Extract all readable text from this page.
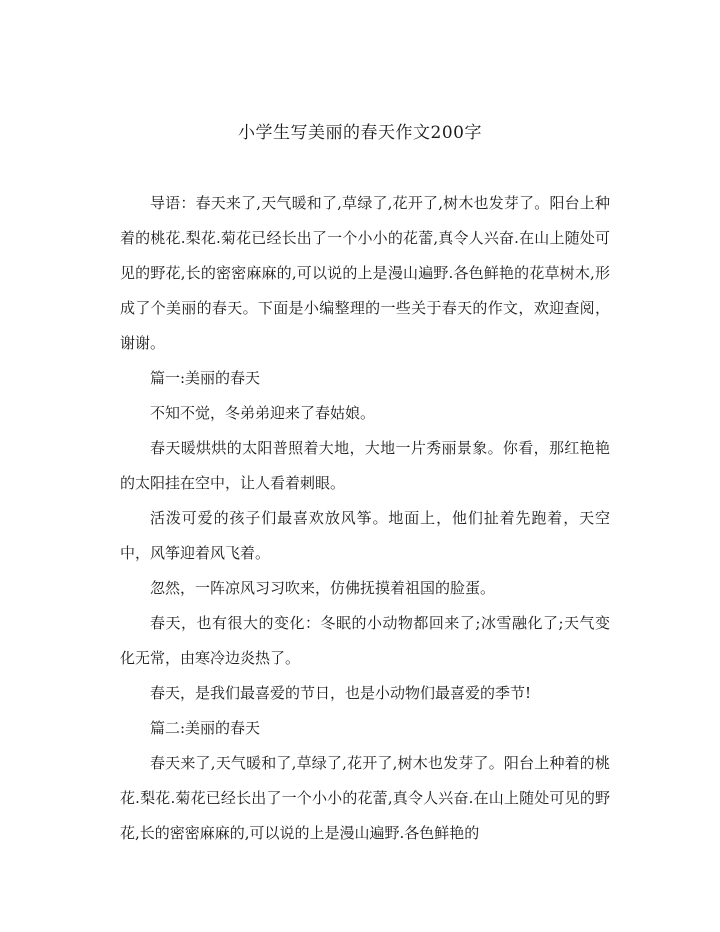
小学生写美丽的春天作文200字

导语：春天来了,天气暖和了,草绿了,花开了,树木也发芽了。阳台上种着的桃花.梨花.菊花已经长出了一个小小的花蕾,真令人兴奋.在山上随处可见的野花,长的密密麻麻的,可以说的上是漫山遍野.各色鲜艳的花草树木,形成了个美丽的春天。下面是小编整理的一些关于春天的作文，欢迎查阅，谢谢。

篇一:美丽的春天

不知不觉，冬弟弟迎来了春姑娘。

春天暖烘烘的太阳普照着大地，大地一片秀丽景象。你看，那红艳艳的太阳挂在空中，让人看着刺眼。

活泼可爱的孩子们最喜欢放风筝。地面上，他们扯着先跑着，天空中，风筝迎着风飞着。

忽然，一阵凉风习习吹来，仿佛抚摸着祖国的脸蛋。

春天，也有很大的变化：冬眠的小动物都回来了;冰雪融化了;天气变化无常，由寒冷边炎热了。

春天，是我们最喜爱的节日，也是小动物们最喜爱的季节!

篇二:美丽的春天

春天来了,天气暖和了,草绿了,花开了,树木也发芽了。阳台上种着的桃花.梨花.菊花已经长出了一个小小的花蕾,真令人兴奋.在山上随处可见的野花,长的密密麻麻的,可以说的上是漫山遍野.各色鲜艳的
